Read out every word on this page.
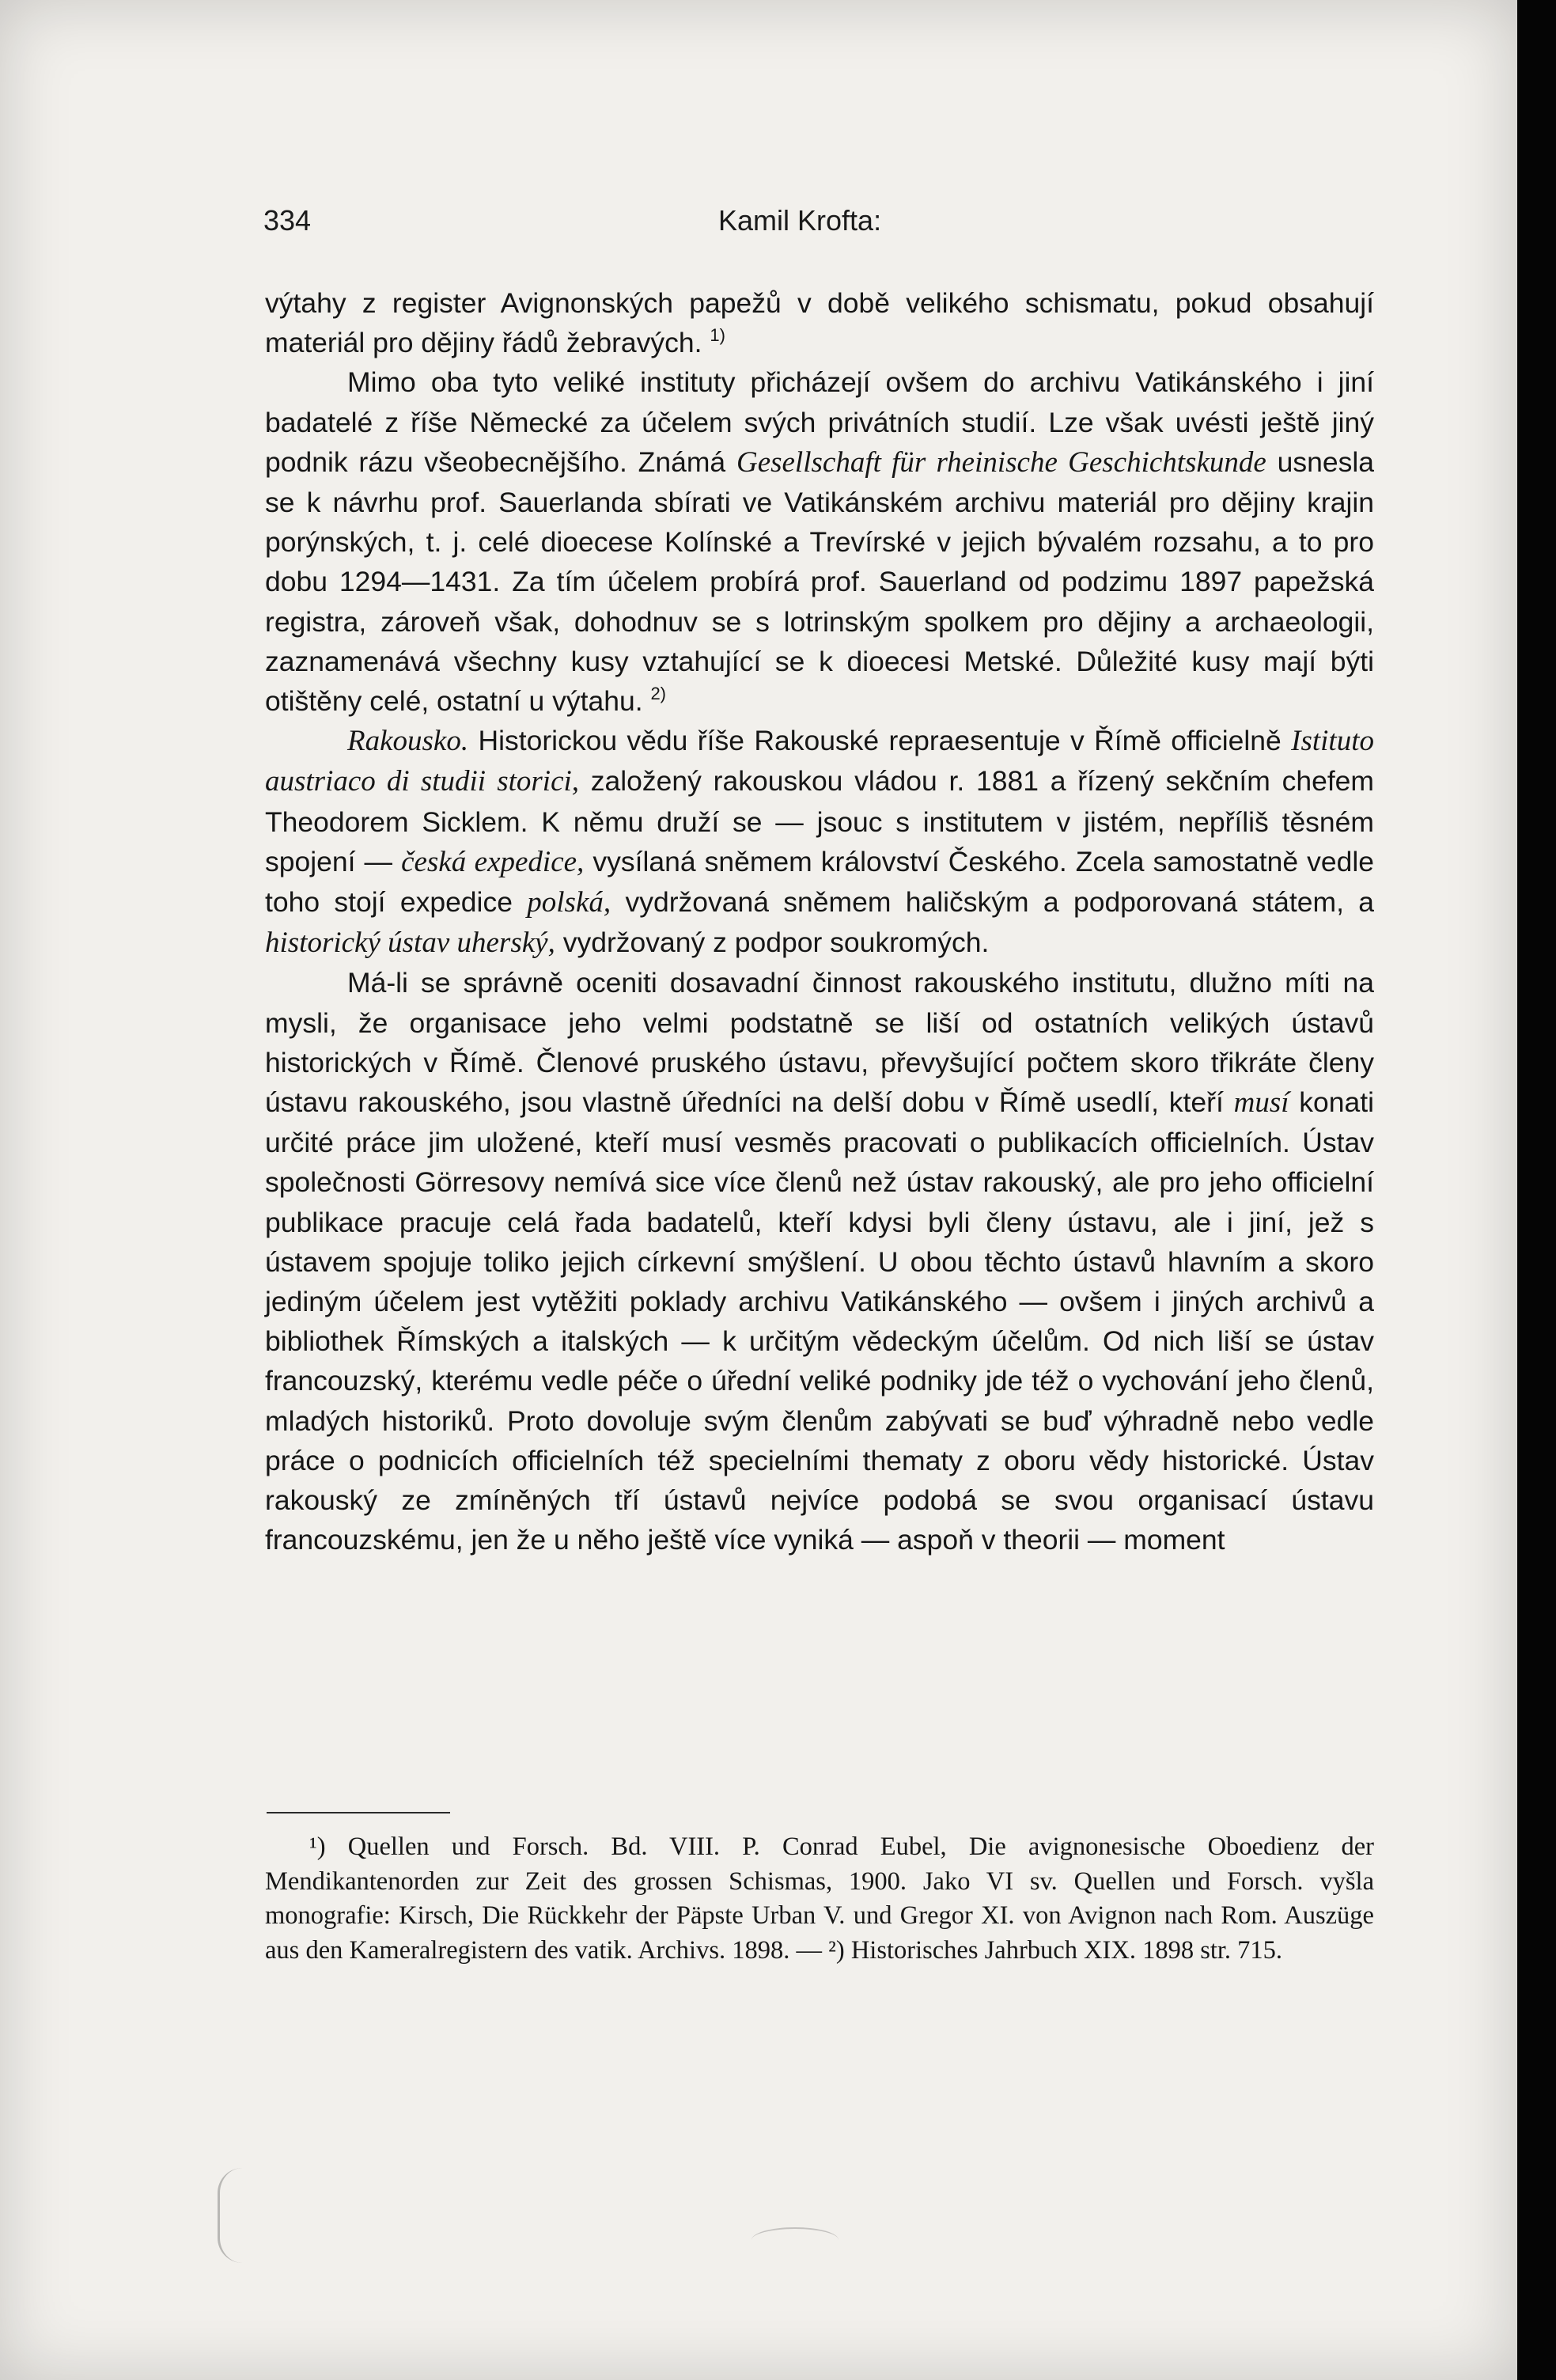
334	Kamil Krofta:

výtahy z register Avignonských papežů v době velikého schismatu, pokud obsahují materiál pro dějiny řádů žebravých. $^{1)}$

Mimo oba tyto veliké instituty přicházejí ovšem do archivu Vatikánského i jiní badatelé z říše Německé za účelem svých privátních studií. Lze však uvésti ještě jiný podnik rázu všeobecnějšího. Známá Gesellschaft für rheinische Geschichtskunde usnesla se k návrhu prof. Sauerlanda sbírati ve Vatikánském archivu materiál pro dějiny krajin porýnských, t. j. celé dioecese Kolínské a Trevírské v jejich bývalém rozsahu, a to pro dobu 1294—1431. Za tím účelem probírá prof. Sauerland od podzimu 1897 papežská registra, zároveň však, dohodnuv se s lotrinským spolkem pro dějiny a archaeologii, zaznamenává všechny kusy vztahující se k dioecesi Metské. Důležité kusy mají býti otištěny celé, ostatní u výtahu. $^{2)}$

Rakousko. Historickou vědu říše Rakouské repraesentuje v Římě officielně Istituto austriaco di studii storici, založený rakouskou vládou r. 1881 a řízený sekčním chefem Theodorem Sicklem. K němu druží se — jsouc s institutem v jistém, nepříliš těsném spojení — česká expedice, vysílaná sněmem království Českého. Zcela samostatně vedle toho stojí expedice polská, vydržovaná sněmem haličským a podporovaná státem, a historický ústav uherský, vydržovaný z podpor soukromých.

Má-li se správně oceniti dosavadní činnost rakouského institutu, dlužno míti na mysli, že organisace jeho velmi podstatně se liší od ostatních velikých ústavů historických v Římě. Členové pruského ústavu, převyšující počtem skoro třikráte členy ústavu rakouského, jsou vlastně úředníci na delší dobu v Římě usedlí, kteří musí konati určité práce jim uložené, kteří musí vesměs pracovati o publikacích officielních. Ústav společnosti Görresovy nemívá sice více členů než ústav rakouský, ale pro jeho officielní publikace pracuje celá řada badatelů, kteří kdysi byli členy ústavu, ale i jiní, jež s ústavem spojuje toliko jejich církevní smýšlení. U obou těchto ústavů hlavním a skoro jediným účelem jest vytěžiti poklady archivu Vatikánského — ovšem i jiných archivů a bibliothek Římských a italských — k určitým vědeckým účelům. Od nich liší se ústav francouzský, kterému vedle péče o úřední veliké podniky jde též o vychování jeho členů, mladých historiků. Proto dovoluje svým členům zabývati se buď výhradně nebo vedle práce o podnicích officielních též specielními thematy z oboru vědy historické. Ústav rakouský ze zmíněných tří ústavů nejvíce podobá se svou organisací ústavu francouzskému, jen že u něho ještě více vyniká — aspoň v theorii — moment

¹) Quellen und Forsch. Bd. VIII. P. Conrad Eubel, Die avignonesische Oboedienz der Mendikantenorden zur Zeit des grossen Schismas, 1900. Jako VI sv. Quellen und Forsch. vyšla monografie: Kirsch, Die Rückkehr der Päpste Urban V. und Gregor XI. von Avignon nach Rom. Auszüge aus den Kameralregistern des vatik. Archivs. 1898. — ²) Historisches Jahrbuch XIX. 1898 str. 715.
